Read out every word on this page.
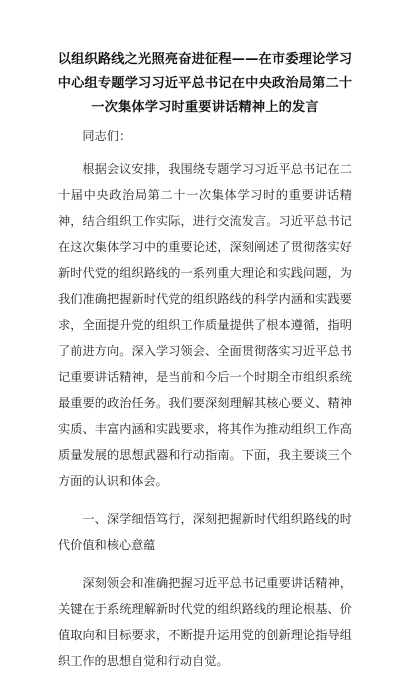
以组织路线之光照亮奋进征程——在市委理论学习中心组专题学习习近平总书记在中央政治局第二十一次集体学习时重要讲话精神上的发言
同志们：

根据会议安排，我围绕专题学习习近平总书记在二十届中央政治局第二十一次集体学习时的重要讲话精神，结合组织工作实际，进行交流发言。习近平总书记在这次集体学习中的重要论述，深刻阐述了贯彻落实好新时代党的组织路线的一系列重大理论和实践问题，为我们准确把握新时代党的组织路线的科学内涵和实践要求，全面提升党的组织工作质量提供了根本遵循，指明了前进方向。深入学习领会、全面贯彻落实习近平总书记重要讲话精神，是当前和今后一个时期全市组织系统最重要的政治任务。我们要深刻理解其核心要义、精神实质、丰富内涵和实践要求，将其作为推动组织工作高质量发展的思想武器和行动指南。下面，我主要谈三个方面的认识和体会。

一、深学细悟笃行，深刻把握新时代组织路线的时代价值和核心意蕴

深刻领会和准确把握习近平总书记重要讲话精神，关键在于系统理解新时代党的组织路线的理论根基、价值取向和目标要求，不断提升运用党的创新理论指导组织工作的思想自觉和行动自觉。
